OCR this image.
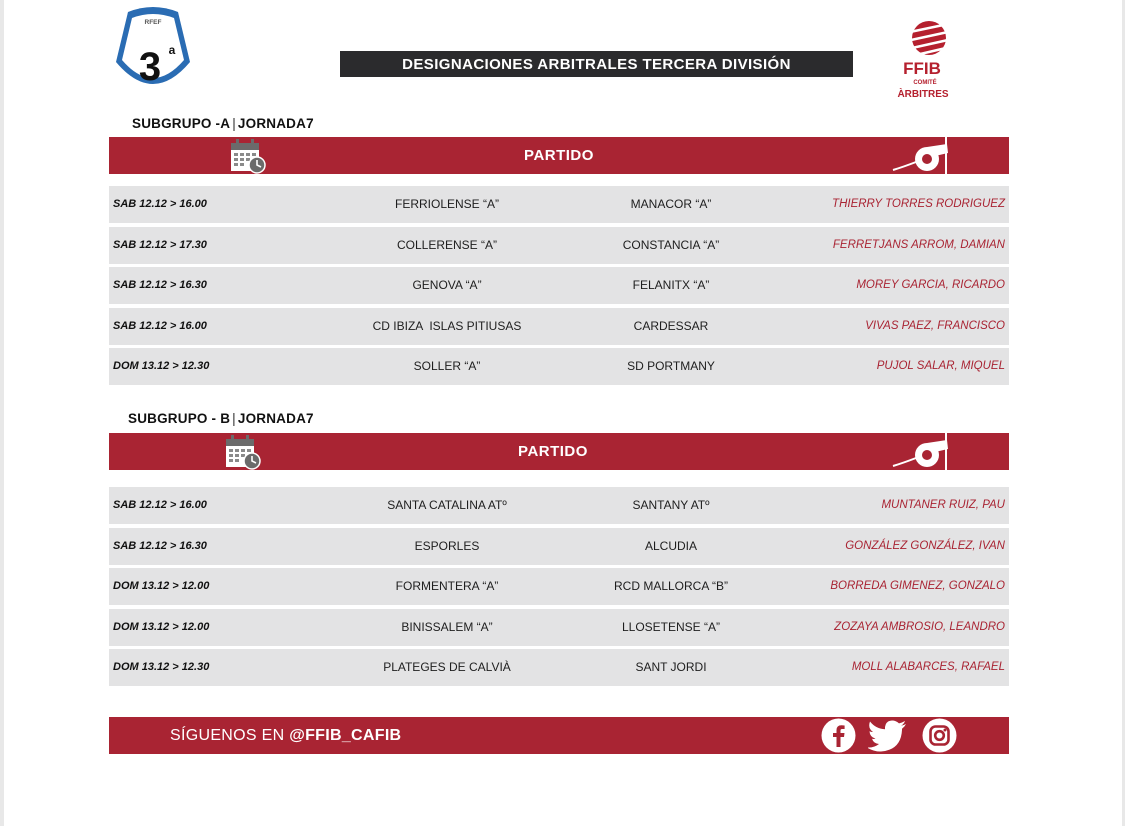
RFEF
3 a
DESIGNACIONES ARBITRALES TERCERA DIVISIÓN	FFIB
COMITÉ
ÀRBITRES
SUBGRUPO -A | JORNADA7
PARTIDO
SAB 12.12 > 16.00	FERRIOLENSE “A”	MANACOR “A”	THIERRY TORRES RODRIGUEZ
SAB 12.12 > 17.30	COLLERENSE “A”	CONSTANCIA “A”	FERRETJANS ARROM, DAMIAN
SAB 12.12 > 16.30	GENOVA “A”	FELANITX “A”	MOREY GARCIA, RICARDO
SAB 12.12 > 16.00	CD IBIZA  ISLAS PITIUSAS	CARDESSAR	VIVAS PAEZ, FRANCISCO
DOM 13.12 > 12.30	SOLLER “A”	SD PORTMANY	PUJOL SALAR, MIQUEL
SUBGRUPO - B | JORNADA7
PARTIDO
SAB 12.12 > 16.00	SANTA CATALINA ATº	SANTANY ATº	MUNTANER RUIZ, PAU
SAB 12.12 > 16.30	ESPORLES	ALCUDIA	GONZÁLEZ GONZÁLEZ, IVAN
DOM 13.12 > 12.00	FORMENTERA “A”	RCD MALLORCA “B”	BORREDA GIMENEZ, GONZALO
DOM 13.12 > 12.00	BINISSALEM “A”	LLOSETENSE “A”	ZOZAYA AMBROSIO, LEANDRO
DOM 13.12 > 12.30	PLATEGES DE CALVIÀ	SANT JORDI	MOLL ALABARCES, RAFAEL
SÍGUENOS EN @FFIB_CAFIB
